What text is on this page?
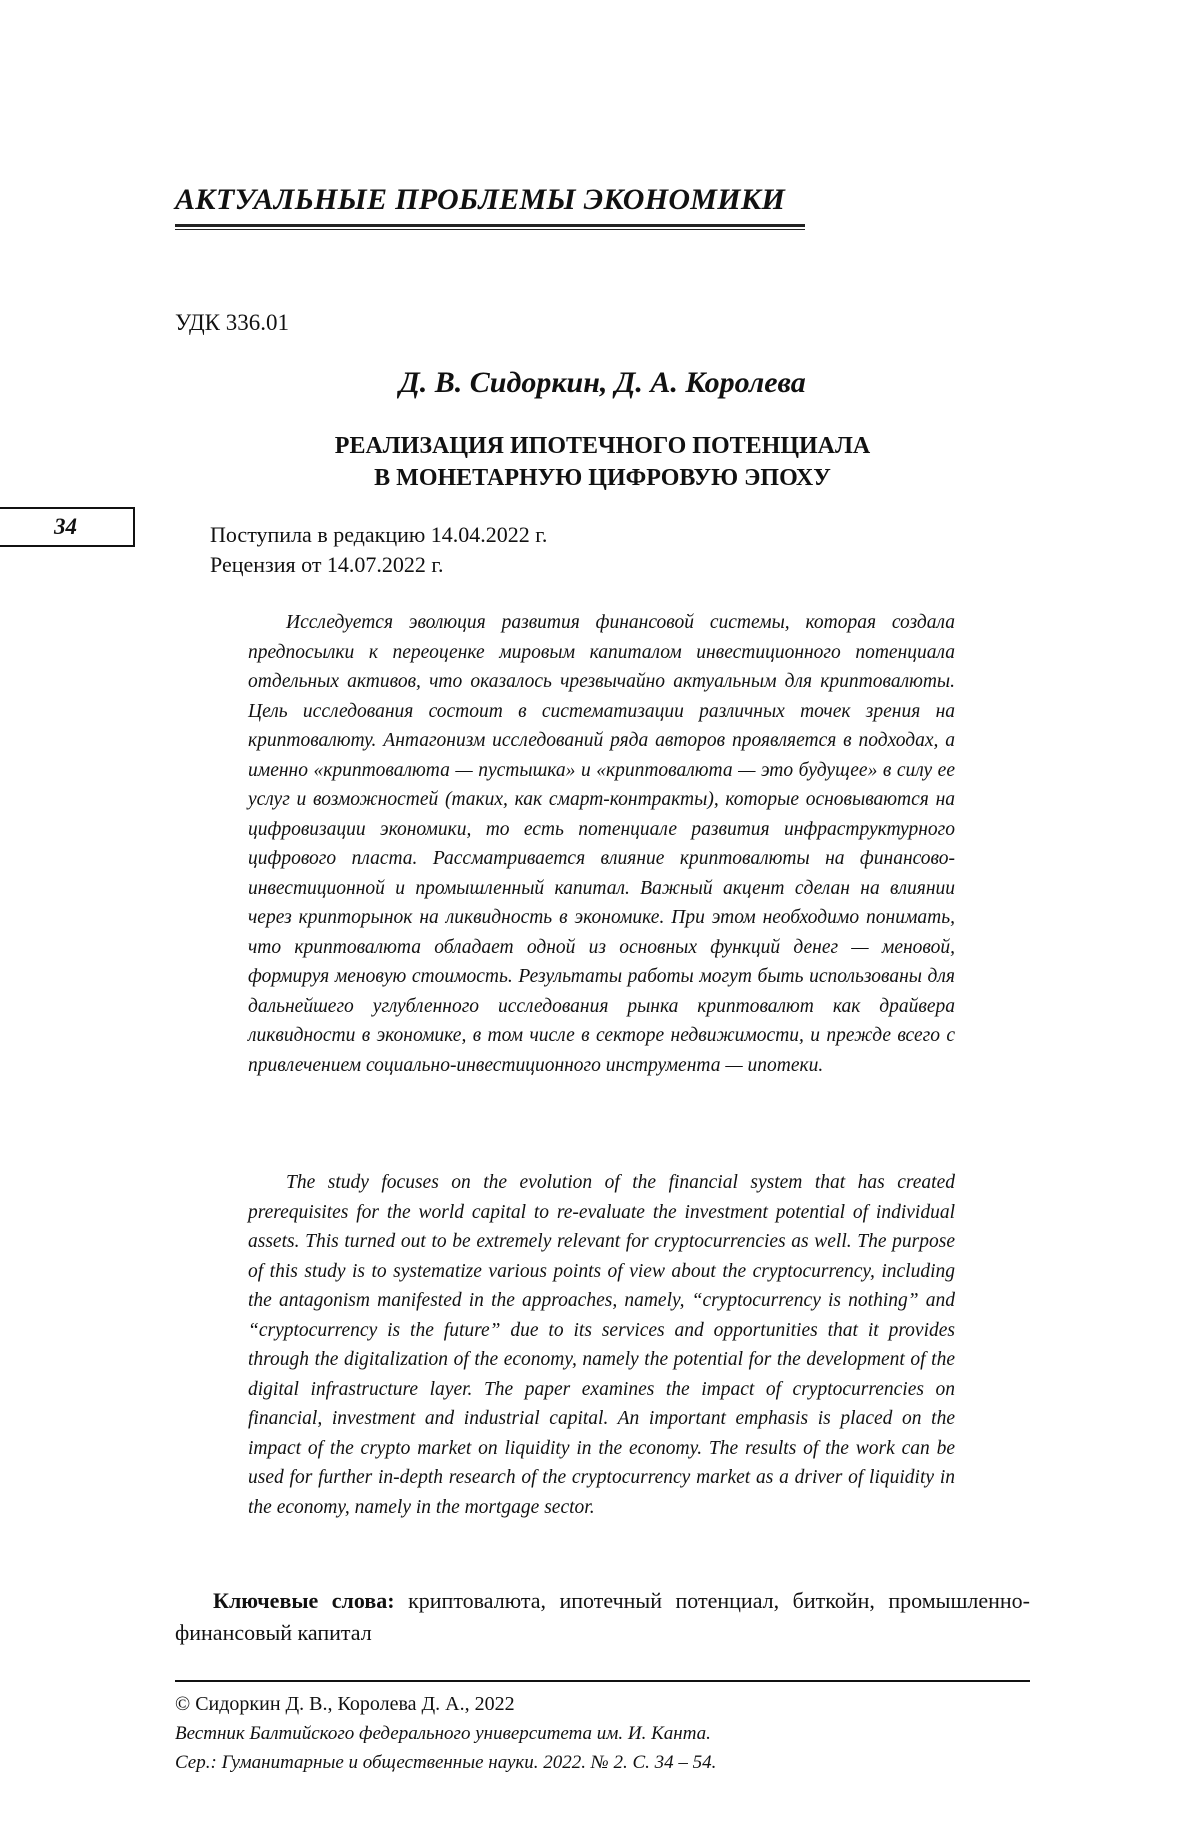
АКТУАЛЬНЫЕ ПРОБЛЕМЫ ЭКОНОМИКИ
УДК 336.01
Д. В. Сидоркин, Д. А. Королева
РЕАЛИЗАЦИЯ ИПОТЕЧНОГО ПОТЕНЦИАЛА
В МОНЕТАРНУЮ ЦИФРОВУЮ ЭПОХУ
34	Поступила в редакцию 14.04.2022 г.
Рецензия от 14.07.2022 г.

Исследуется эволюция развития финансовой системы, которая создала предпосылки к переоценке мировым капиталом инвестиционного потенциала отдельных активов, что оказалось чрезвычайно актуальным для криптовалюты. Цель исследования состоит в систематизации различных точек зрения на криптовалюту. Антагонизм исследований ряда авторов проявляется в подходах, а именно «криптовалюта — пустышка» и «криптовалюта — это будущее» в силу ее услуг и возможностей (таких, как смарт-контракты), которые основываются на цифровизации экономики, то есть потенциале развития инфраструктурного цифрового пласта. Рассматривается влияние криптовалюты на финансово-инвестиционной и промышленный капитал. Важный акцент сделан на влиянии через крипторынок на ликвидность в экономике. При этом необходимо понимать, что криптовалюта обладает одной из основных функций денег — меновой, формируя меновую стоимость. Результаты работы могут быть использованы для дальнейшего углубленного исследования рынка криптовалют как драйвера ликвидности в экономике, в том числе в секторе недвижимости, и прежде всего с привлечением социально-инвестиционного инструмента — ипотеки.

The study focuses on the evolution of the financial system that has created prerequisites for the world capital to re-evaluate the investment potential of individual assets. This turned out to be extremely relevant for cryptocurrencies as well. The purpose of this study is to systematize various points of view about the cryptocurrency, including the antagonism manifested in the approaches, namely, “cryptocurrency is nothing” and “cryptocurrency is the future” due to its services and opportunities that it provides through the digitalization of the economy, namely the potential for the development of the digital infrastructure layer. The paper examines the impact of cryptocurrencies on financial, investment and industrial capital. An important emphasis is placed on the impact of the crypto market on liquidity in the economy. The results of the work can be used for further in-depth research of the cryptocurrency market as a driver of liquidity in the economy, namely in the mortgage sector.

Ключевые слова: криптовалюта, ипотечный потенциал, биткойн, промышленно-финансовый капитал

© Сидоркин Д. В., Королева Д. А., 2022
Вестник Балтийского федерального университета им. И. Канта.
Сер.: Гуманитарные и общественные науки. 2022. № 2. С. 34 – 54.
